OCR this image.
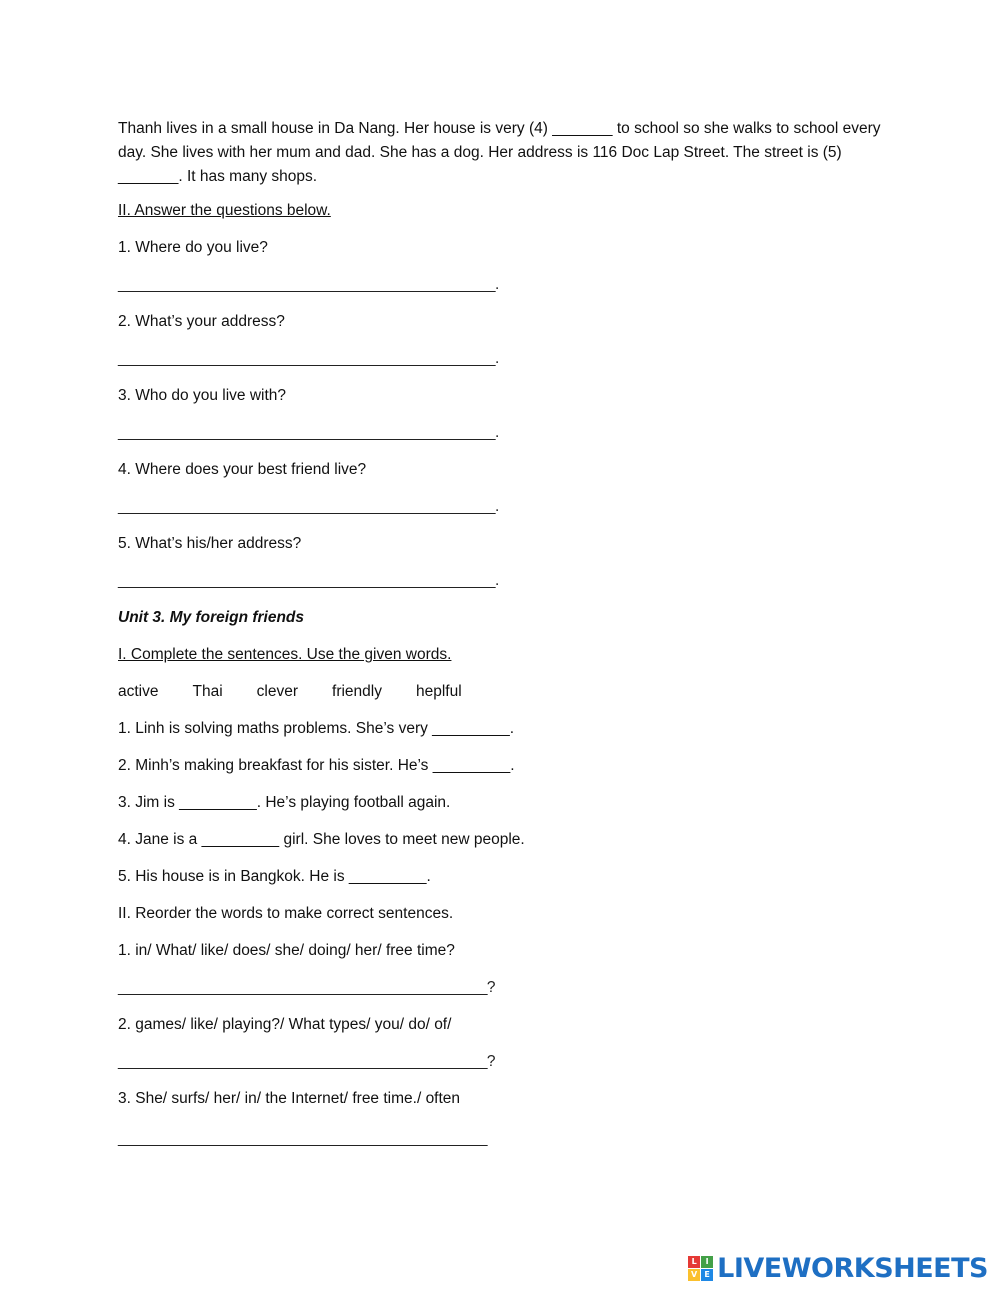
Thanh lives in a small house in Da Nang. Her house is very (4) _______ to school so she walks to school every day. She lives with her mum and dad. She has a dog. Her address is 116 Doc Lap Street. The street is (5) _______. It has many shops.

II. Answer the questions below.
1. Where do you live?
_______________________________________________.
2. What’s your address?
_______________________________________________.
3. Who do you live with?
_______________________________________________.
4. Where does your best friend live?
_______________________________________________.
5. What’s his/her address?
_______________________________________________.
Unit 3. My foreign friends
I. Complete the sentences. Use the given words.
active Thai clever friendly heplful
1. Linh is solving maths problems. She’s very _________.
2. Minh’s making breakfast for his sister. He’s _________.
3. Jim is _________. He’s playing football again.
4. Jane is a _________ girl. She loves to meet new people.
5. His house is in Bangkok. He is _________.
II. Reorder the words to make correct sentences.
1. in/ What/ like/ does/ she/ doing/ her/ free time?
______________________________________________?
2. games/ like/ playing?/ What types/ you/ do/ of/
______________________________________________?
3. She/ surfs/ her/ in/ the Internet/ free time./ often
______________________________________________
L	I
V E LIVEWORKSHEETS
